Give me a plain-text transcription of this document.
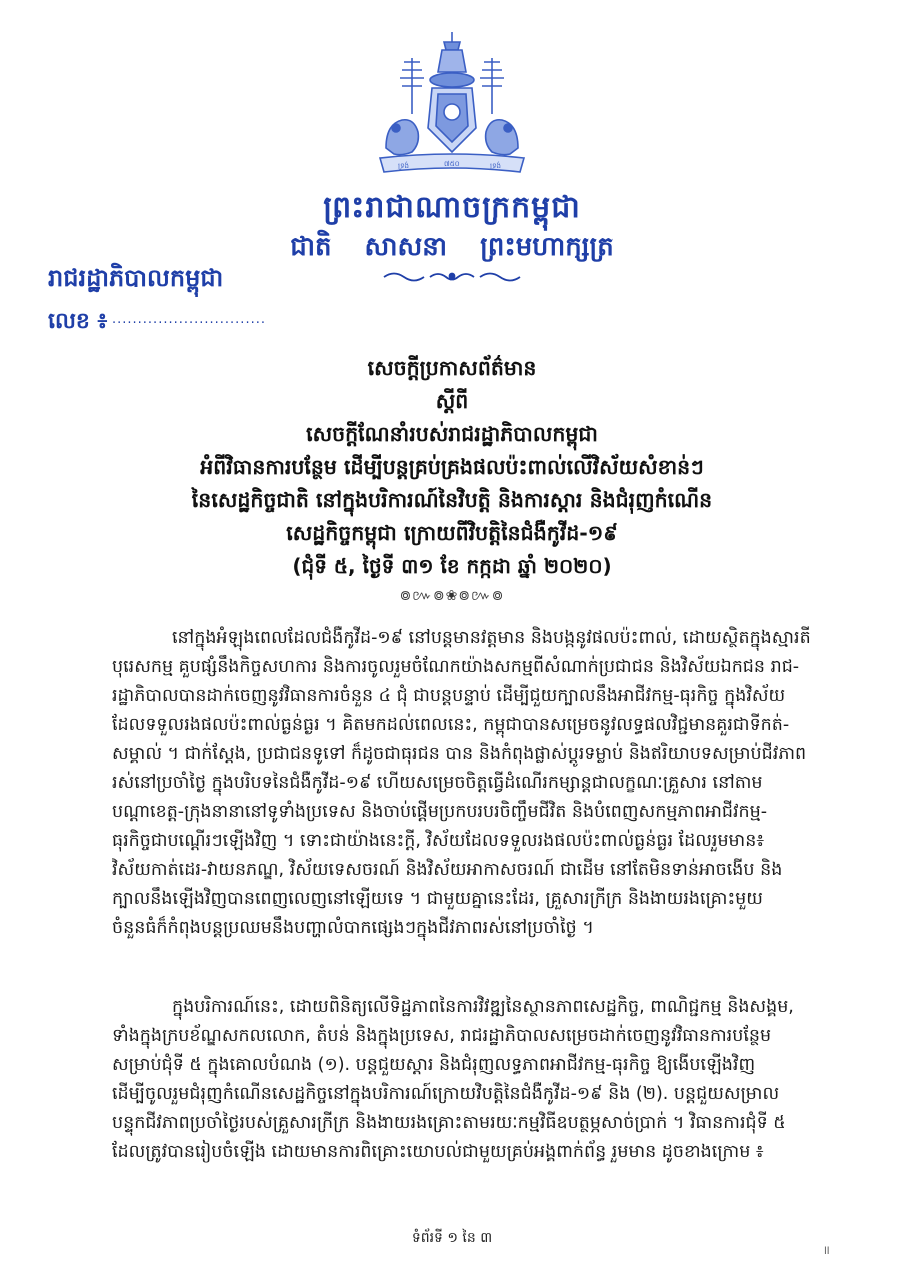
ទ្រង់	៧៥០	ទ្រង់
ព្រះរាជាណាចក្រកម្ពុជា
ជាតិ សាសនា ព្រះមហាក្សត្រ
រាជរដ្ឋាភិបាលកម្ពុជា
លេខ ៖ ..............................
សេចក្តីប្រកាសព័ត៌មាន
ស្តីពី
សេចក្តីណែនាំរបស់រាជរដ្ឋាភិបាលកម្ពុជា
អំពីវិធានការបន្ថែម ដើម្បីបន្តគ្រប់គ្រងផលប៉ះពាល់លើវិស័យសំខាន់ៗ
នៃសេដ្ឋកិច្ចជាតិ នៅក្នុងបរិការណ៍នៃវិបត្តិ និងការស្តារ និងជំរុញកំណើន
សេដ្ឋកិច្ចកម្ពុជា ក្រោយពីវិបត្តិនៃជំងឺកូវីដ-១៩
(ជុំទី ៥, ថ្ងៃទី ៣១ ខែ កក្កដា ឆ្នាំ ២០២០)
៙៚៙❀៙៚៙
នៅក្នុងអំឡុងពេលដែលជំងឺកូវីដ-១៩ នៅបន្តមានវត្តមាន និងបង្កនូវផលប៉ះពាល់, ដោយស្ថិតក្នុងស្មារតី
បុរេសកម្ម គួបផ្សំនឹងកិច្ចសហការ និងការចូលរួមចំណែកយ៉ាងសកម្មពីសំណាក់ប្រជាជន និងវិស័យឯកជន រាជ-
រដ្ឋាភិបាលបានដាក់ចេញនូវវិធានការចំនួន ៤ ជុំ ជាបន្តបន្ទាប់ ដើម្បីជួយក្បាលនឹងអាជីវកម្ម-ធុរកិច្ច ក្នុងវិស័យ
ដែលទទួលរងផលប៉ះពាល់ធ្ងន់ធ្ងរ ។ គិតមកដល់ពេលនេះ, កម្ពុជាបានសម្រេចនូវលទ្ធផលវិជ្ជមានគួរជាទីកត់-
សម្គាល់ ។ ជាក់ស្តែង, ប្រជាជនទូទៅ ក៏ដូចជាធុរជន បាន និងកំពុងផ្លាស់ប្តូរទម្លាប់ និងឥរិយាបទសម្រាប់ជីវភាព
រស់នៅប្រចាំថ្ងៃ ក្នុងបរិបទនៃជំងឺកូវីដ-១៩ ហើយសម្រេចចិត្តធ្វើដំណើរកម្សាន្តជាលក្ខណៈគ្រួសារ នៅតាម
បណ្តាខេត្ត-ក្រុងនានានៅទូទាំងប្រទេស និងចាប់ផ្តើមប្រកបរបរចិញ្ចឹមជីវិត និងបំពេញសកម្មភាពអាជីវកម្ម-
ធុរកិច្ចជាបណ្តើរៗឡើងវិញ ។ ទោះជាយ៉ាងនេះក្តី, វិស័យដែលទទួលរងផលប៉ះពាល់ធ្ងន់ធ្ងរ ដែលរួមមាន៖
វិស័យកាត់ដេរ-វាយនភណ្ឌ, វិស័យទេសចរណ៍ និងវិស័យអាកាសចរណ៍ ជាដើម នៅតែមិនទាន់អាចងើប និង
ក្បាលនឹងឡើងវិញបានពេញលេញនៅឡើយទេ ។ ជាមួយគ្នានេះដែរ, គ្រួសារក្រីក្រ និងងាយរងគ្រោះមួយ
ចំនួនធំក៏កំពុងបន្តប្រឈមនឹងបញ្ហាលំបាកផ្សេងៗក្នុងជីវភាពរស់នៅប្រចាំថ្ងៃ ។
ក្នុងបរិការណ៍នេះ, ដោយពិនិត្យលើទិដ្ឋភាពនៃការវិវឌ្ឍនៃស្ថានភាពសេដ្ឋកិច្ច, ពាណិជ្ជកម្ម និងសង្គម,
ទាំងក្នុងក្របខ័ណ្ឌសកលលោក, តំបន់ និងក្នុងប្រទេស, រាជរដ្ឋាភិបាលសម្រេចដាក់ចេញនូវវិធានការបន្ថែម
សម្រាប់ជុំទី ៥ ក្នុងគោលបំណង (១). បន្តជួយស្តារ និងជំរុញលទ្ធភាពអាជីវកម្ម-ធុរកិច្ច ឱ្យងើបឡើងវិញ
ដើម្បីចូលរួមជំរុញកំណើនសេដ្ឋកិច្ចនៅក្នុងបរិការណ៍ក្រោយវិបត្តិនៃជំងឺកូវីដ-១៩ និង (២). បន្តជួយសម្រាល
បន្ទុកជីវភាពប្រចាំថ្ងៃរបស់គ្រួសារក្រីក្រ និងងាយរងគ្រោះតាមរយៈកម្មវិធីឧបត្ថម្ភសាច់ប្រាក់ ។ វិធានការជុំទី ៥
ដែលត្រូវបានរៀបចំឡើង ដោយមានការពិគ្រោះយោបល់ជាមួយគ្រប់អង្គពាក់ព័ន្ធ រួមមាន ដូចខាងក្រោម ៖
ទំព័រទី ១ នៃ ៣
ll
